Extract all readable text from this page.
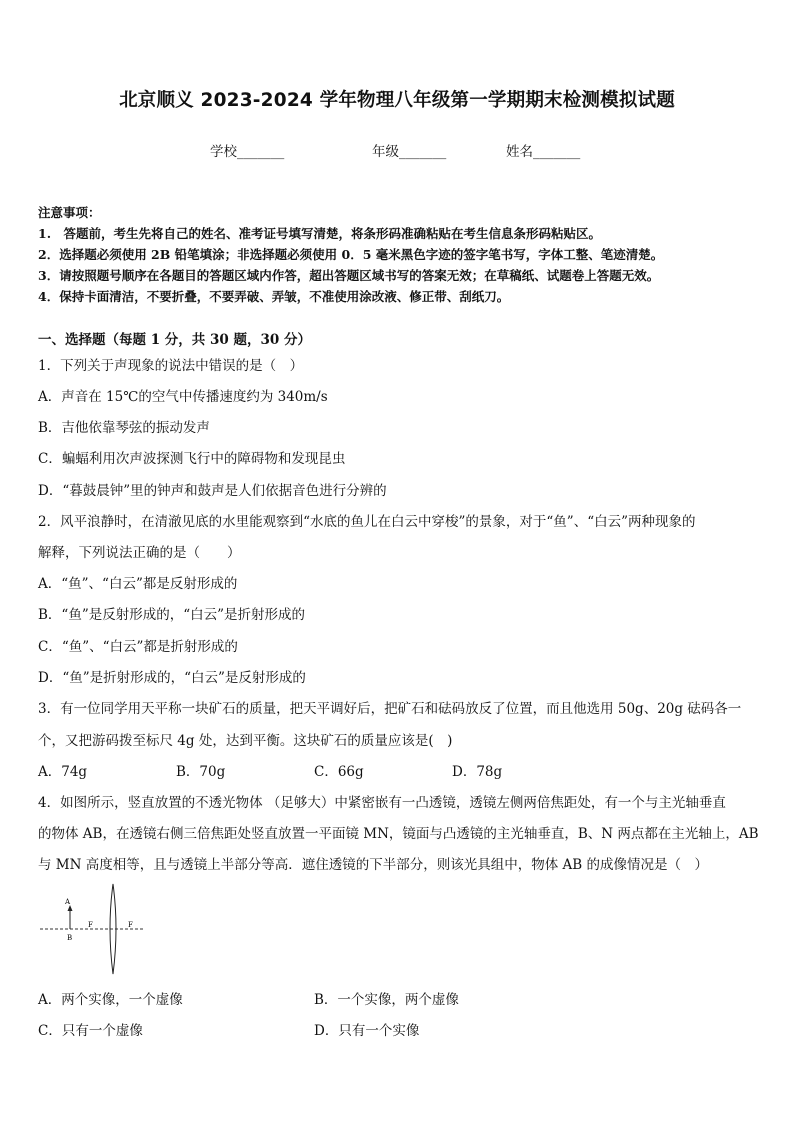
北京顺义 2023-2024 学年物理八年级第一学期期末检测模拟试题
学校_______	年级_______	姓名_______
注意事项：
1.　答题前，考生先将自己的姓名、准考证号填写清楚，将条形码准确粘贴在考生信息条形码粘贴区。
2．选择题必须使用 2B 铅笔填涂；非选择题必须使用 0．5 毫米黑色字迹的签字笔书写，字体工整、笔迹清楚。
3．请按照题号顺序在各题目的答题区域内作答，超出答题区域书写的答案无效；在草稿纸、试题卷上答题无效。
4．保持卡面清洁，不要折叠，不要弄破、弄皱，不准使用涂改液、修正带、刮纸刀。
一、选择题（每题 1 分，共 30 题，30 分）
1．下列关于声现象的说法中错误的是（　）
A．声音在 15℃的空气中传播速度约为 340m/s
B．吉他依靠琴弦的振动发声
C．蝙蝠利用次声波探测飞行中的障碍物和发现昆虫
D．“暮鼓晨钟”里的钟声和鼓声是人们依据音色进行分辨的
2．风平浪静时，在清澈见底的水里能观察到“水底的鱼儿在白云中穿梭”的景象，对于“鱼”、“白云”两种现象的
解释，下列说法正确的是（　　）
A．“鱼”、“白云”都是反射形成的
B．“鱼”是反射形成的，“白云”是折射形成的
C．“鱼”、“白云”都是折射形成的
D．“鱼”是折射形成的，“白云”是反射形成的
3．有一位同学用天平称一块矿石的质量，把天平调好后，把矿石和砝码放反了位置，而且他选用 50g、20g 砝码各一
个，又把游码拨至标尺 4g 处，达到平衡。这块矿石的质量应该是(　)
A．74g	B．70g	C．66g	D．78g
4．如图所示，竖直放置的不透光物体 （足够大）中紧密嵌有一凸透镜，透镜左侧两倍焦距处，有一个与主光轴垂直
的物体 AB，在透镜右侧三倍焦距处竖直放置一平面镜 MN，镜面与凸透镜的主光轴垂直，B、N 两点都在主光轴上，AB
与 MN 高度相等，且与透镜上半部分等高．遮住透镜的下半部分，则该光具组中，物体 AB 的成像情况是（　）
A
B
F	F
A．两个实像，一个虚像	B．一个实像，两个虚像
C．只有一个虚像	D．只有一个实像
